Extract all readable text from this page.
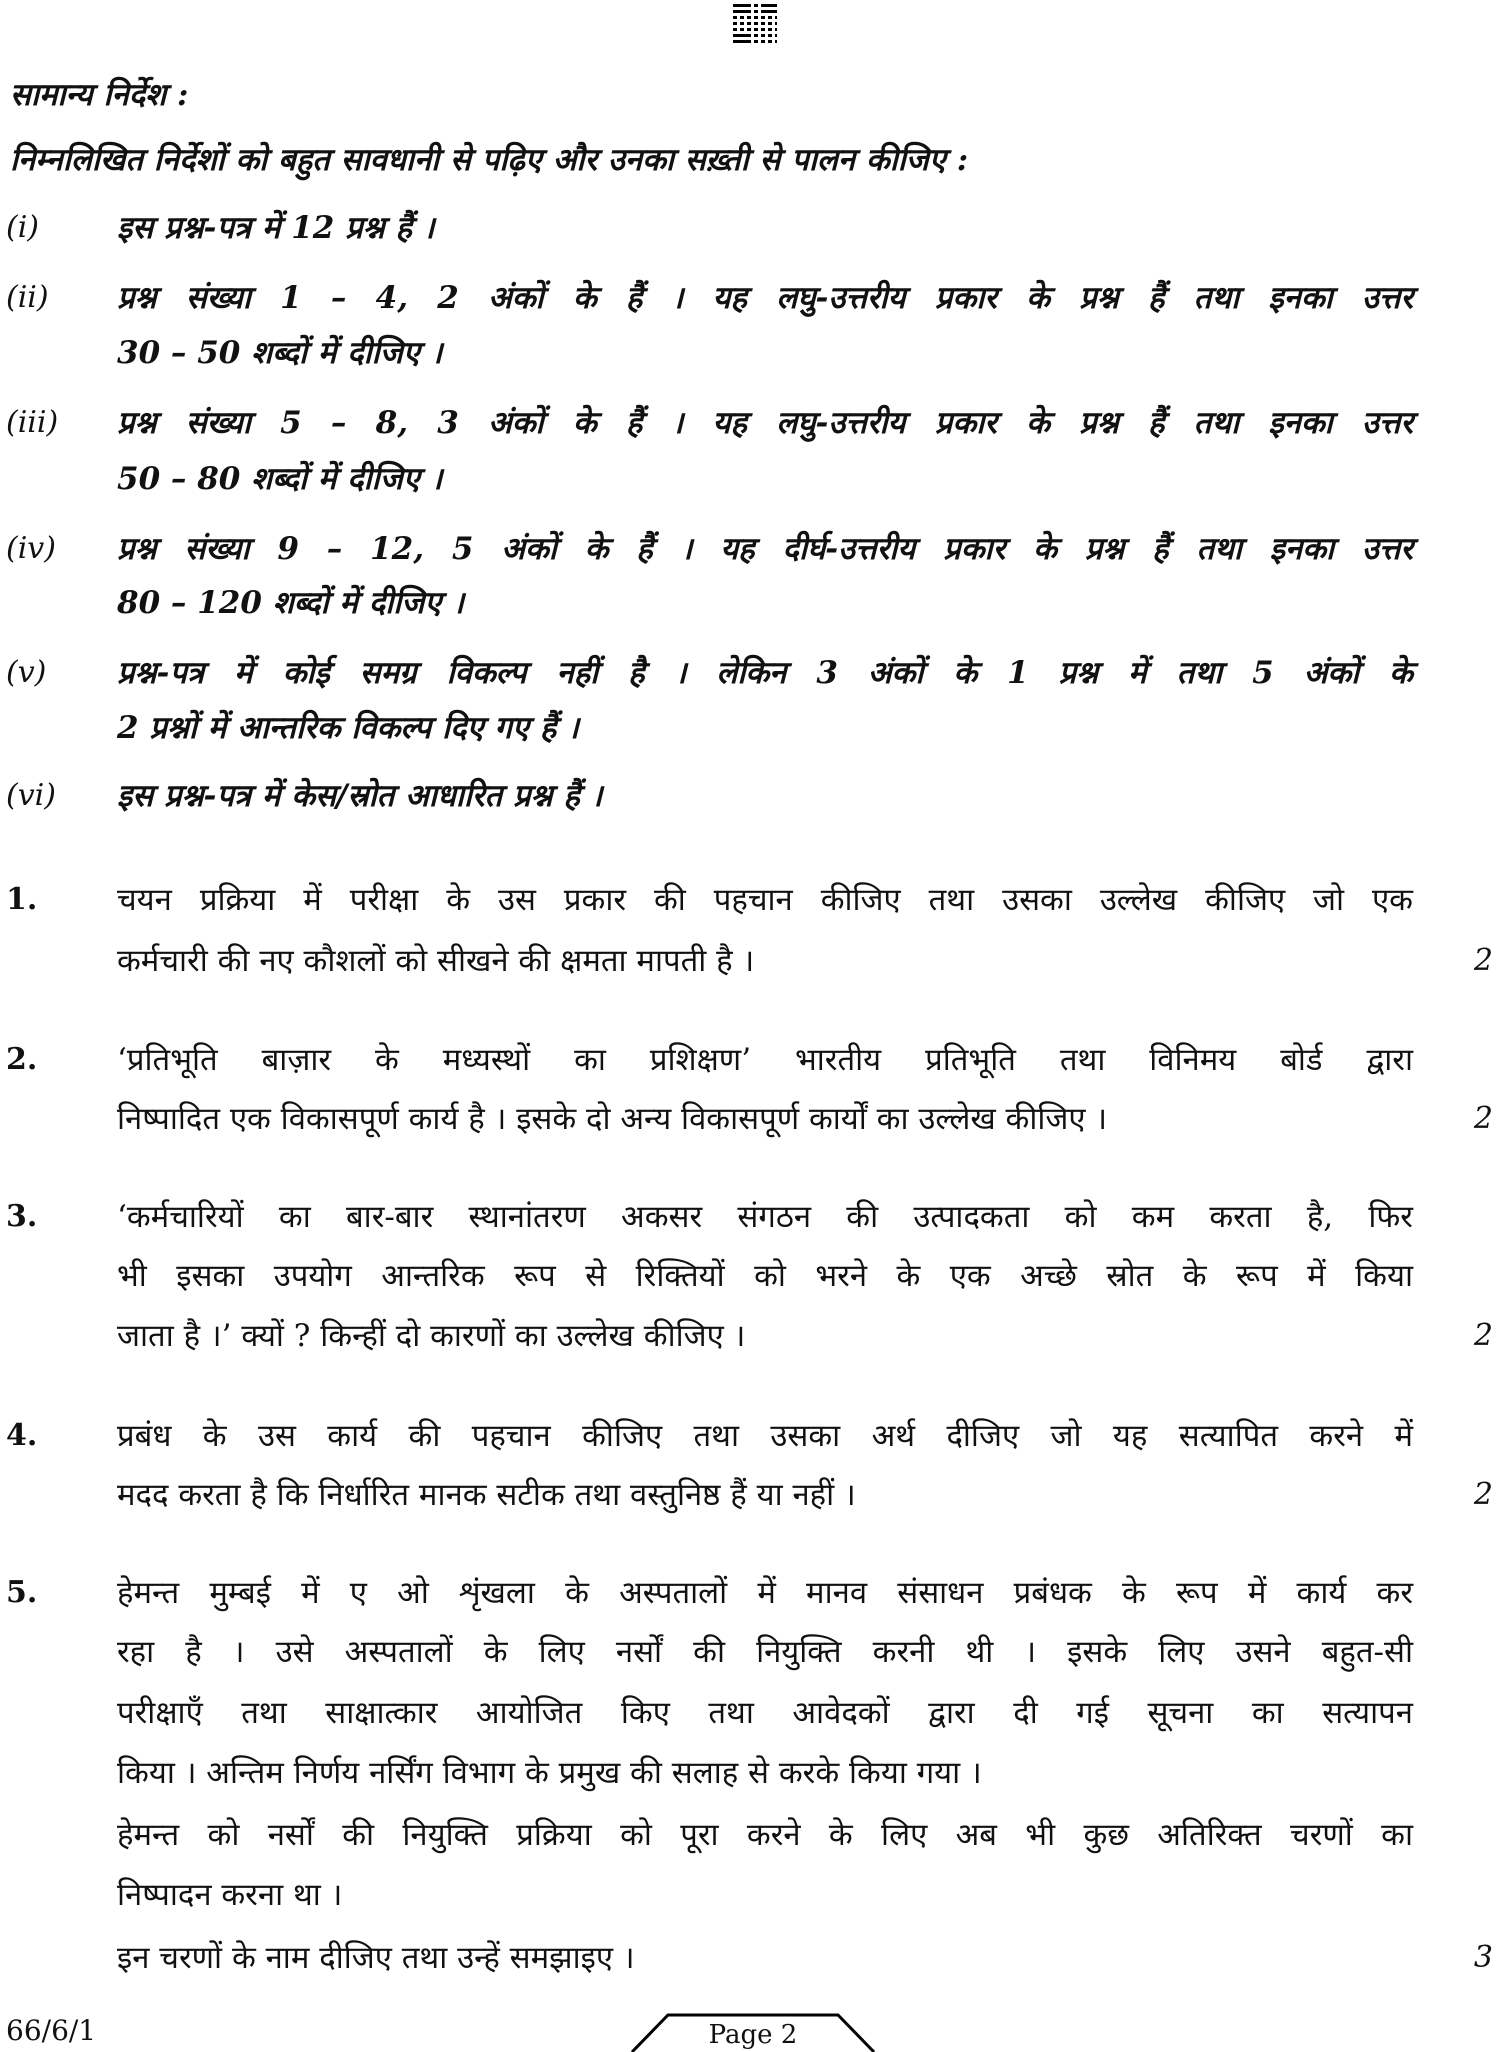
सामान्य निर्देश :
निम्नलिखित निर्देशों को बहुत सावधानी से पढ़िए और उनका सख़्ती से पालन कीजिए :
(i)	इस प्रश्न-पत्र में 12 प्रश्न हैं ।
(ii) प्रश्न संख्या 1 – 4, 2 अंकों के हैं । यह लघु-उत्तरीय प्रकार के प्रश्न हैं तथा इनका उत्तर
30 – 50 शब्दों में दीजिए ।
(iii) प्रश्न संख्या 5 – 8, 3 अंकों के हैं । यह लघु-उत्तरीय प्रकार के प्रश्न हैं तथा इनका उत्तर
50 – 80 शब्दों में दीजिए ।
(iv) प्रश्न संख्या 9 – 12, 5 अंकों के हैं । यह दीर्घ-उत्तरीय प्रकार के प्रश्न हैं तथा इनका उत्तर
80 – 120 शब्दों में दीजिए ।
(v) प्रश्न-पत्र में कोई समग्र विकल्प नहीं है । लेकिन 3 अंकों के 1 प्रश्न में तथा 5 अंकों के
2 प्रश्नों में आन्तरिक विकल्प दिए गए हैं ।
(vi) इस प्रश्न-पत्र में केस/स्रोत आधारित प्रश्न हैं ।
1.	चयन प्रक्रिया में परीक्षा के उस प्रकार की पहचान कीजिए तथा उसका उल्लेख कीजिए जो एक
कर्मचारी की नए कौशलों को सीखने की क्षमता मापती है ।	2
2.	‘प्रतिभूति बाज़ार के मध्यस्थों का प्रशिक्षण’ भारतीय प्रतिभूति तथा विनिमय बोर्ड द्वारा
निष्पादित एक विकासपूर्ण कार्य है । इसके दो अन्य विकासपूर्ण कार्यों का उल्लेख कीजिए ।	2
3.	‘कर्मचारियों का बार-बार स्थानांतरण अकसर संगठन की उत्पादकता को कम करता है, फिर
भी इसका उपयोग आन्तरिक रूप से रिक्तियों को भरने के एक अच्छे स्रोत के रूप में किया
जाता है ।’ क्यों ? किन्हीं दो कारणों का उल्लेख कीजिए ।	2
4.	प्रबंध के उस कार्य की पहचान कीजिए तथा उसका अर्थ दीजिए जो यह सत्यापित करने में
मदद करता है कि निर्धारित मानक सटीक तथा वस्तुनिष्ठ हैं या नहीं ।	2
5.	हेमन्त मुम्बई में ए ओ शृंखला के अस्पतालों में मानव संसाधन प्रबंधक के रूप में कार्य कर
रहा है । उसे अस्पतालों के लिए नर्सों की नियुक्ति करनी थी । इसके लिए उसने बहुत-सी
परीक्षाएँ तथा साक्षात्कार आयोजित किए तथा आवेदकों द्वारा दी गई सूचना का सत्यापन
किया । अन्तिम निर्णय नर्सिंग विभाग के प्रमुख की सलाह से करके किया गया ।
हेमन्त को नर्सों की नियुक्ति प्रक्रिया को पूरा करने के लिए अब भी कुछ अतिरिक्त चरणों का
निष्पादन करना था ।
इन चरणों के नाम दीजिए तथा उन्हें समझाइए ।	3
66/6/1	Page 2
